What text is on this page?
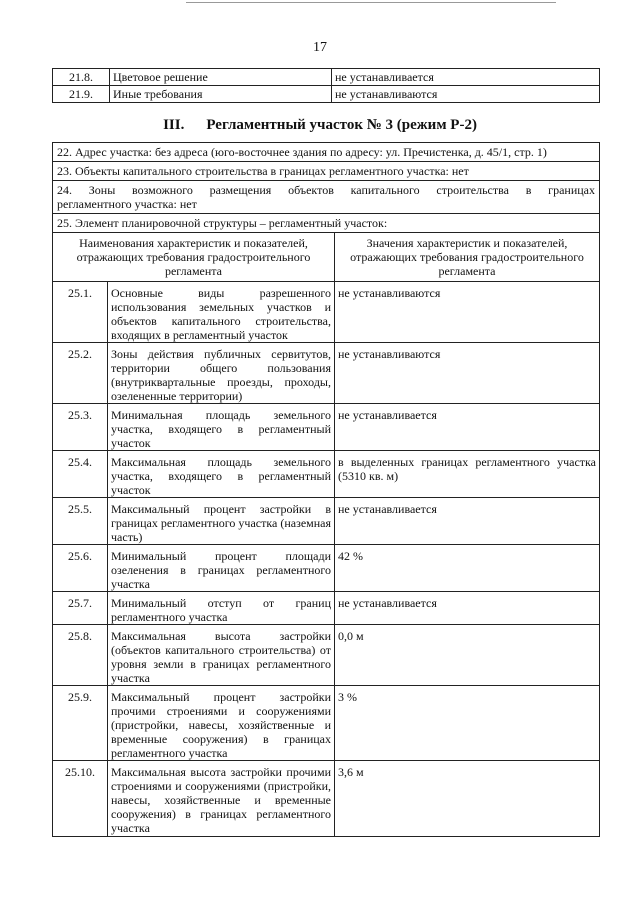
17
21.8.	Цветовое решение	не устанавливается
21.9.	Иные требования	не устанавливаются
III. Регламентный участок № 3 (режим Р-2)
22. Адрес участка: без адреса (юго-восточнее здания по адресу: ул. Пречистенка, д. 45/1, стр. 1)		
23. Объекты капитального строительства в границах регламентного участка: нет		

24. Зоны возможного размещения объектов капитального строительства в границах
регламентного участка: нет		

25. Элемент планировочной структуры – регламентный участок:		
Наименования характеристик и показателей, отражающих требования градостроительного регламента		Значения характеристик и показателей, отражающих требования градостроительного регламента
25.1.	Основные виды разрешенного использования земельных участков и объектов капитального строительства, входящих в регламентный участок	не устанавливаются
25.2.	Зоны действия публичных сервитутов, территории общего пользования (внутриквартальные проезды, проходы, озелененные территории)	не устанавливаются
25.3.	Минимальная площадь земельного участка, входящего в регламентный участок	не устанавливается
25.4.	Максимальная площадь земельного участка, входящего в регламентный участок	в выделенных границах регламентного участка (5310 кв. м)
25.5.	Максимальный процент застройки в границах регламентного участка (наземная часть)	не устанавливается
25.6.	Минимальный процент площади озеленения в границах регламентного участка	42 %
25.7.	Минимальный отступ от границ регламентного участка	не устанавливается
25.8.	Максимальная высота застройки (объектов капитального строительства) от уровня земли в границах регламентного участка	0,0 м
25.9.	Максимальный процент застройки прочими строениями и сооружениями (пристройки, навесы, хозяйственные и временные сооружения) в границах регламентного участка	3 %
25.10.	Максимальная высота застройки прочими строениями и сооружениями (пристройки, навесы, хозяйственные и временные сооружения) в границах регламентного участка	3,6 м
